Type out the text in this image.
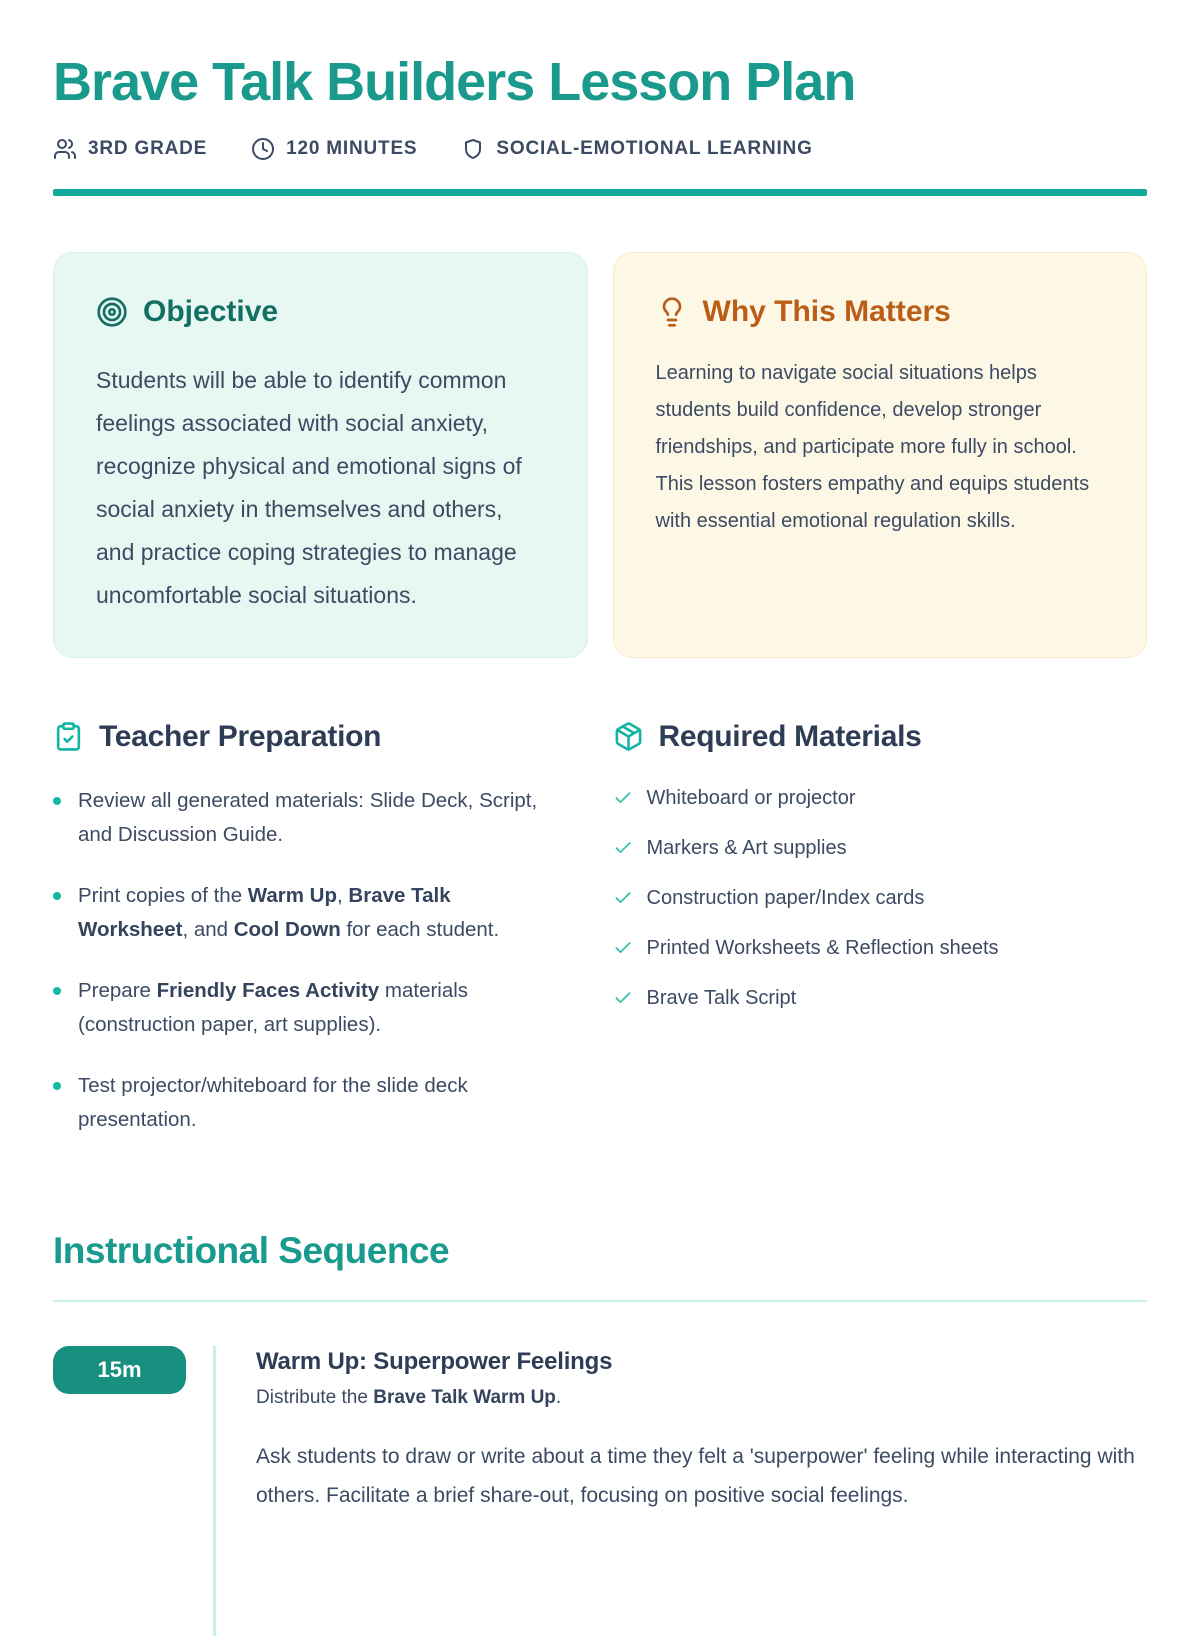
Brave Talk Builders Lesson Plan
3RD GRADE	120 MINUTES	SOCIAL-EMOTIONAL LEARNING
Objective

Students will be able to identify common feelings associated with social anxiety, recognize physical and emotional signs of social anxiety in themselves and others, and practice coping strategies to manage uncomfortable social situations.

Why This Matters

Learning to navigate social situations helps students build confidence, develop stronger friendships, and participate more fully in school. This lesson fosters empathy and equips students with essential emotional regulation skills.

Teacher Preparation
Review all generated materials: Slide Deck, Script, and Discussion Guide.
Print copies of the Warm Up, Brave Talk Worksheet, and Cool Down for each student.
Prepare Friendly Faces Activity materials (construction paper, art supplies).
Test projector/whiteboard for the slide deck presentation.
Required Materials
Whiteboard or projector
Markers & Art supplies
Construction paper/Index cards
Printed Worksheets & Reflection sheets
Brave Talk Script
Instructional Sequence
15m	Warm Up: Superpower Feelings

Distribute the Brave Talk Warm Up.

Ask students to draw or write about a time they felt a 'superpower' feeling while interacting with others. Facilitate a brief share-out, focusing on positive social feelings.
